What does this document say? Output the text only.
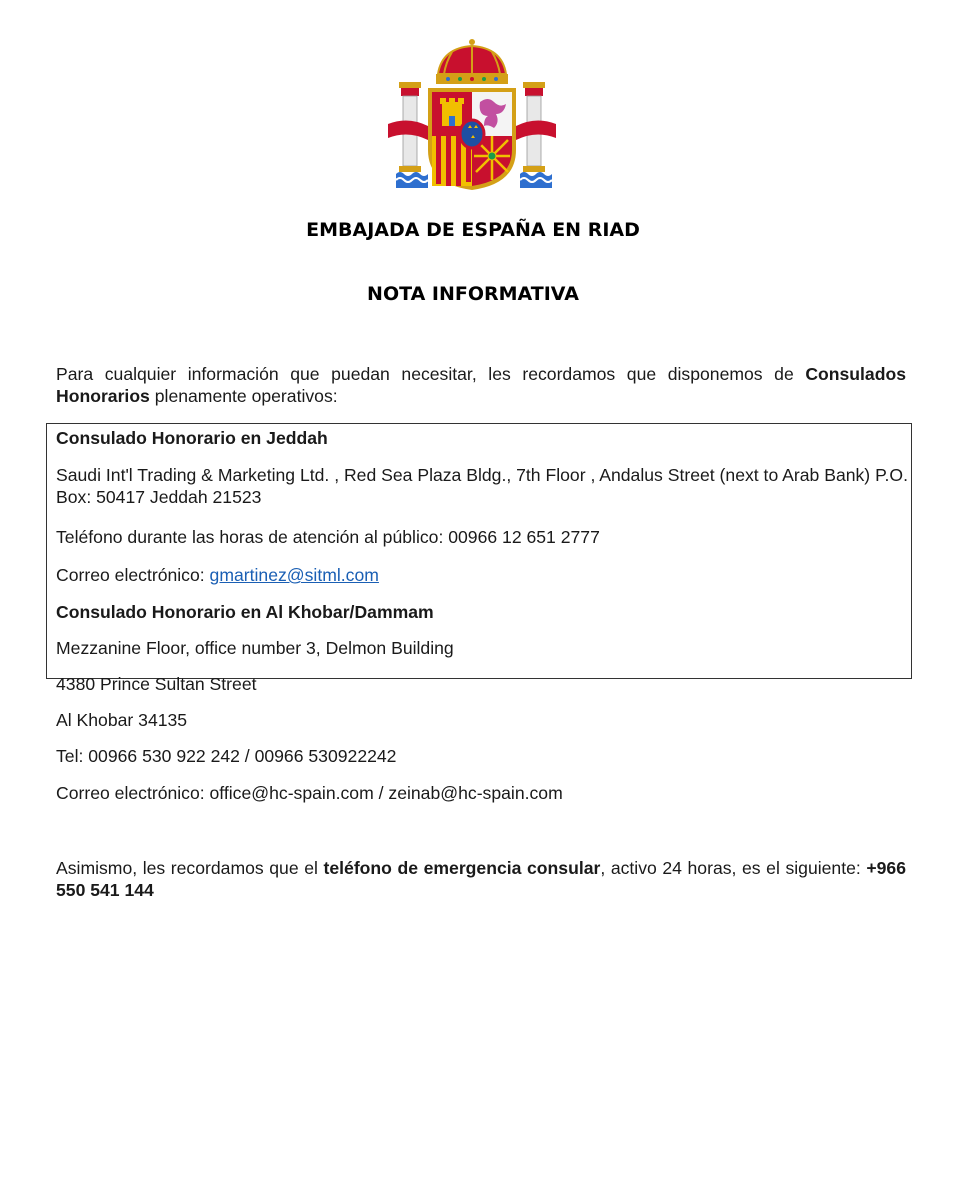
EMBAJADA DE ESPAÑA EN RIAD
NOTA INFORMATIVA

Para cualquier información que puedan necesitar, les recordamos que disponemos de Consulados Honorarios plenamente operativos:

Consulado Honorario en Jeddah

Saudi Int'l Trading & Marketing Ltd. , Red Sea Plaza Bldg., 7th Floor , Andalus Street (next to Arab Bank) P.O. Box: 50417 Jeddah 21523

Teléfono durante las horas de atención al público: 00966 12 651 2777
Correo electrónico: gmartinez@sitml.com
Consulado Honorario en Al Khobar/Dammam
Mezzanine Floor, office number 3, Delmon Building
4380 Prince Sultan Street
Al Khobar 34135
Tel: 00966 530 922 242 / 00966 530922242
Correo electrónico: office@hc-spain.com / zeinab@hc-spain.com

Asimismo, les recordamos que el teléfono de emergencia consular, activo 24 horas, es el siguiente: +966 550 541 144
